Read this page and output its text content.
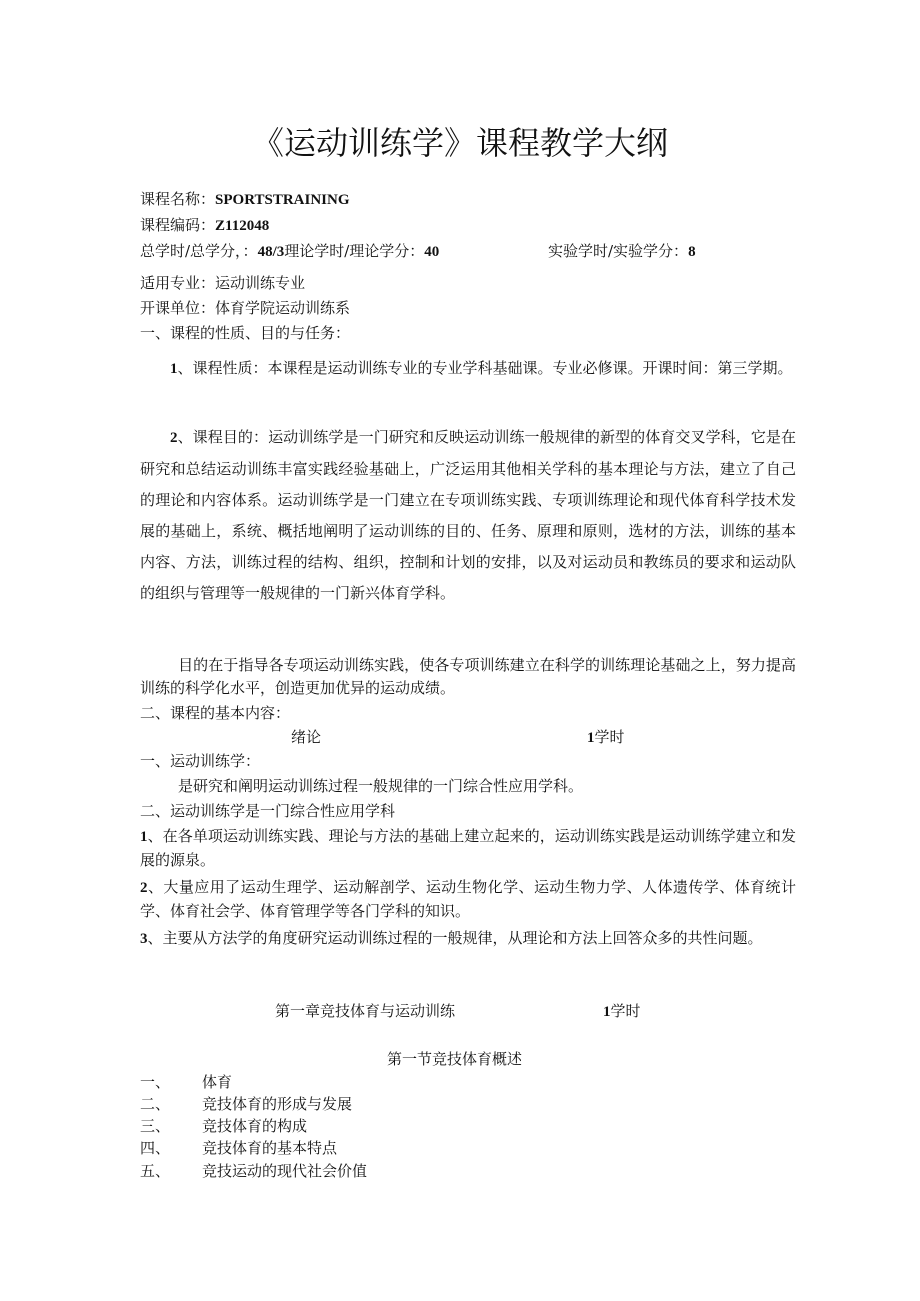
《运动训练学》课程教学大纲
课程名称：SPORTSTRAINING
课程编码：Z112048
总学时/总学分，：48/3理论学时/理论学分：40	实验学时/实验学分：8
适用专业：运动训练专业
开课单位：体育学院运动训练系
一、课程的性质、目的与任务：
1、课程性质：本课程是运动训练专业的专业学科基础课。专业必修课。开课时间：第三学期。
2、课程目的：运动训练学是一门研究和反映运动训练一般规律的新型的体育交叉学科，它是在研究和总结运动训练丰富实践经验基础上，广泛运用其他相关学科的基本理论与方法，建立了自己的理论和内容体系。运动训练学是一门建立在专项训练实践、专项训练理论和现代体育科学技术发展的基础上，系统、概括地阐明了运动训练的目的、任务、原理和原则，选材的方法，训练的基本内容、方法，训练过程的结构、组织，控制和计划的安排，以及对运动员和教练员的要求和运动队的组织与管理等一般规律的一门新兴体育学科。
目的在于指导各专项运动训练实践，使各专项训练建立在科学的训练理论基础之上，努力提高训练的科学化水平，创造更加优异的运动成绩。
二、课程的基本内容：
绪论	1学时
一、运动训练学：
是研究和阐明运动训练过程一般规律的一门综合性应用学科。
二、运动训练学是一门综合性应用学科
1、在各单项运动训练实践、理论与方法的基础上建立起来的，运动训练实践是运动训练学建立和发展的源泉。
2、大量应用了运动生理学、运动解剖学、运动生物化学、运动生物力学、人体遗传学、体育统计学、体育社会学、体育管理学等各门学科的知识。
3、主要从方法学的角度研究运动训练过程的一般规律，从理论和方法上回答众多的共性问题。
第一章竞技体育与运动训练	1学时
第一节竞技体育概述
一、 体育
二、 竞技体育的形成与发展
三、 竞技体育的构成
四、 竞技体育的基本特点
五、 竞技运动的现代社会价值
